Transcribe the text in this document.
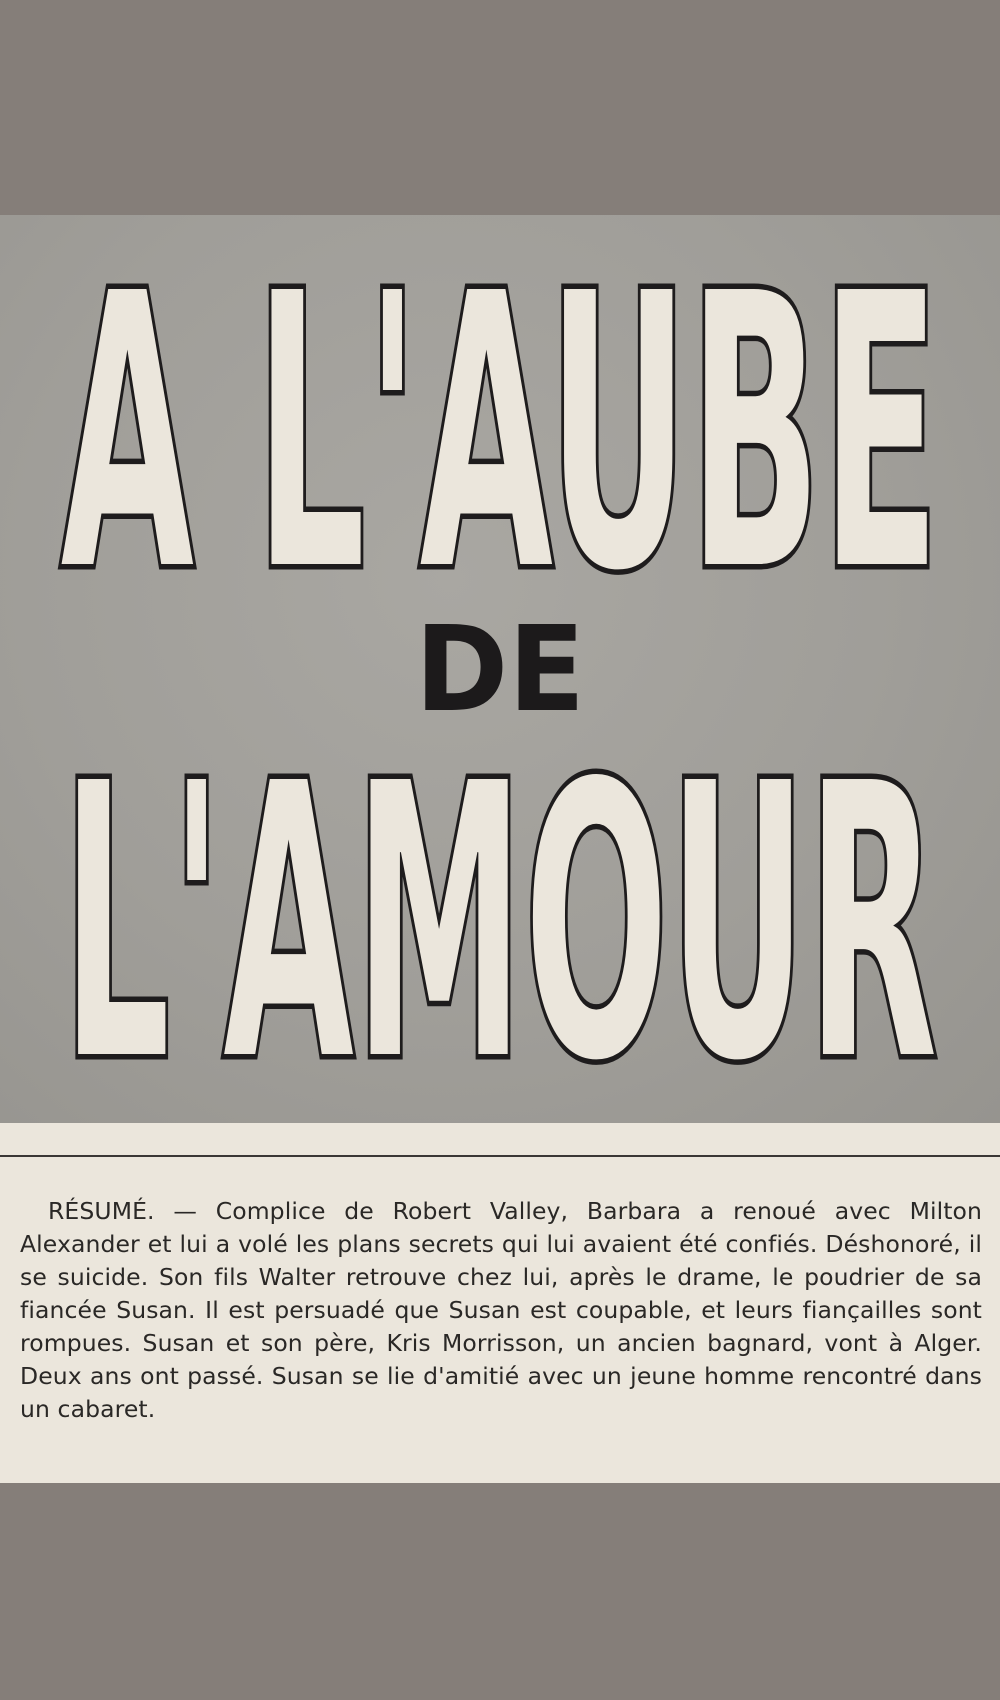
A L'AUBE
A L'AUBE
DE
L'AMOUR
L'AMOUR

RÉSUMÉ. — Complice de Robert Valley, Barbara a renoué avec Milton Alexander et lui a volé les plans secrets qui lui avaient été confiés. Déshonoré, il se suicide. Son fils Walter retrouve chez lui, après le drame, le poudrier de sa fiancée Susan. Il est persuadé que Susan est coupable, et leurs fiançailles sont rompues. Susan et son père, Kris Morrisson, un ancien bagnard, vont à Alger. Deux ans ont passé. Susan se lie d'amitié avec un jeune homme rencontré dans un cabaret.
